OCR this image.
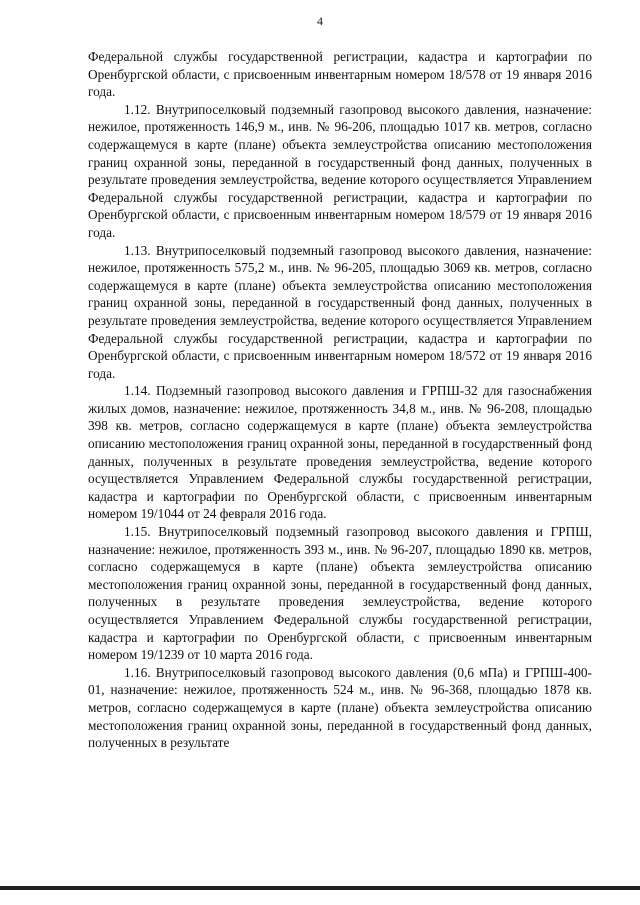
4

Федеральной службы государственной регистрации, кадастра и картографии по Оренбургской области, с присвоенным инвентарным номером 18/578 от 19 января 2016 года.

1.12. Внутрипоселковый подземный газопровод высокого давления, назначение: нежилое, протяженность 146,9 м., инв. № 96-206, площадью 1017 кв. метров, согласно содержащемуся в карте (плане) объекта землеустройства описанию местоположения границ охранной зоны, переданной в государственный фонд данных, полученных в результате проведения землеустройства, ведение которого осуществляется Управлением Федеральной службы государственной регистрации, кадастра и картографии по Оренбургской области, с присвоенным инвентарным номером 18/579 от 19 января 2016 года.

1.13. Внутрипоселковый подземный газопровод высокого давления, назначение: нежилое, протяженность 575,2 м., инв. № 96-205, площадью 3069 кв. метров, согласно содержащемуся в карте (плане) объекта землеустройства описанию местоположения границ охранной зоны, переданной в государственный фонд данных, полученных в результате проведения землеустройства, ведение которого осуществляется Управлением Федеральной службы государственной регистрации, кадастра и картографии по Оренбургской области, с присвоенным инвентарным номером 18/572 от 19 января 2016 года.

1.14. Подземный газопровод высокого давления и ГРПШ-32 для газоснабжения жилых домов, назначение: нежилое, протяженность 34,8 м., инв. № 96-208, площадью 398 кв. метров, согласно содержащемуся в карте (плане) объекта землеустройства описанию местоположения границ охранной зоны, переданной в государственный фонд данных, полученных в результате проведения землеустройства, ведение которого осуществляется Управлением Федеральной службы государственной регистрации, кадастра и картографии по Оренбургской области, с присвоенным инвентарным номером 19/1044 от 24 февраля 2016 года.

1.15. Внутрипоселковый подземный газопровод высокого давления и ГРПШ, назначение: нежилое, протяженность 393 м., инв. № 96-207, площадью 1890 кв. метров, согласно содержащемуся в карте (плане) объекта землеустройства описанию местоположения границ охранной зоны, переданной в государственный фонд данных, полученных в результате проведения землеустройства, ведение которого осуществляется Управлением Федеральной службы государственной регистрации, кадастра и картографии по Оренбургской области, с присвоенным инвентарным номером 19/1239 от 10 марта 2016 года.

1.16. Внутрипоселковый газопровод высокого давления (0,6 мПа) и ГРПШ-400-01, назначение: нежилое, протяженность 524 м., инв. № 96-368, площадью 1878 кв. метров, согласно содержащемуся в карте (плане) объекта землеустройства описанию местоположения границ охранной зоны, переданной в государственный фонд данных, полученных в результате
